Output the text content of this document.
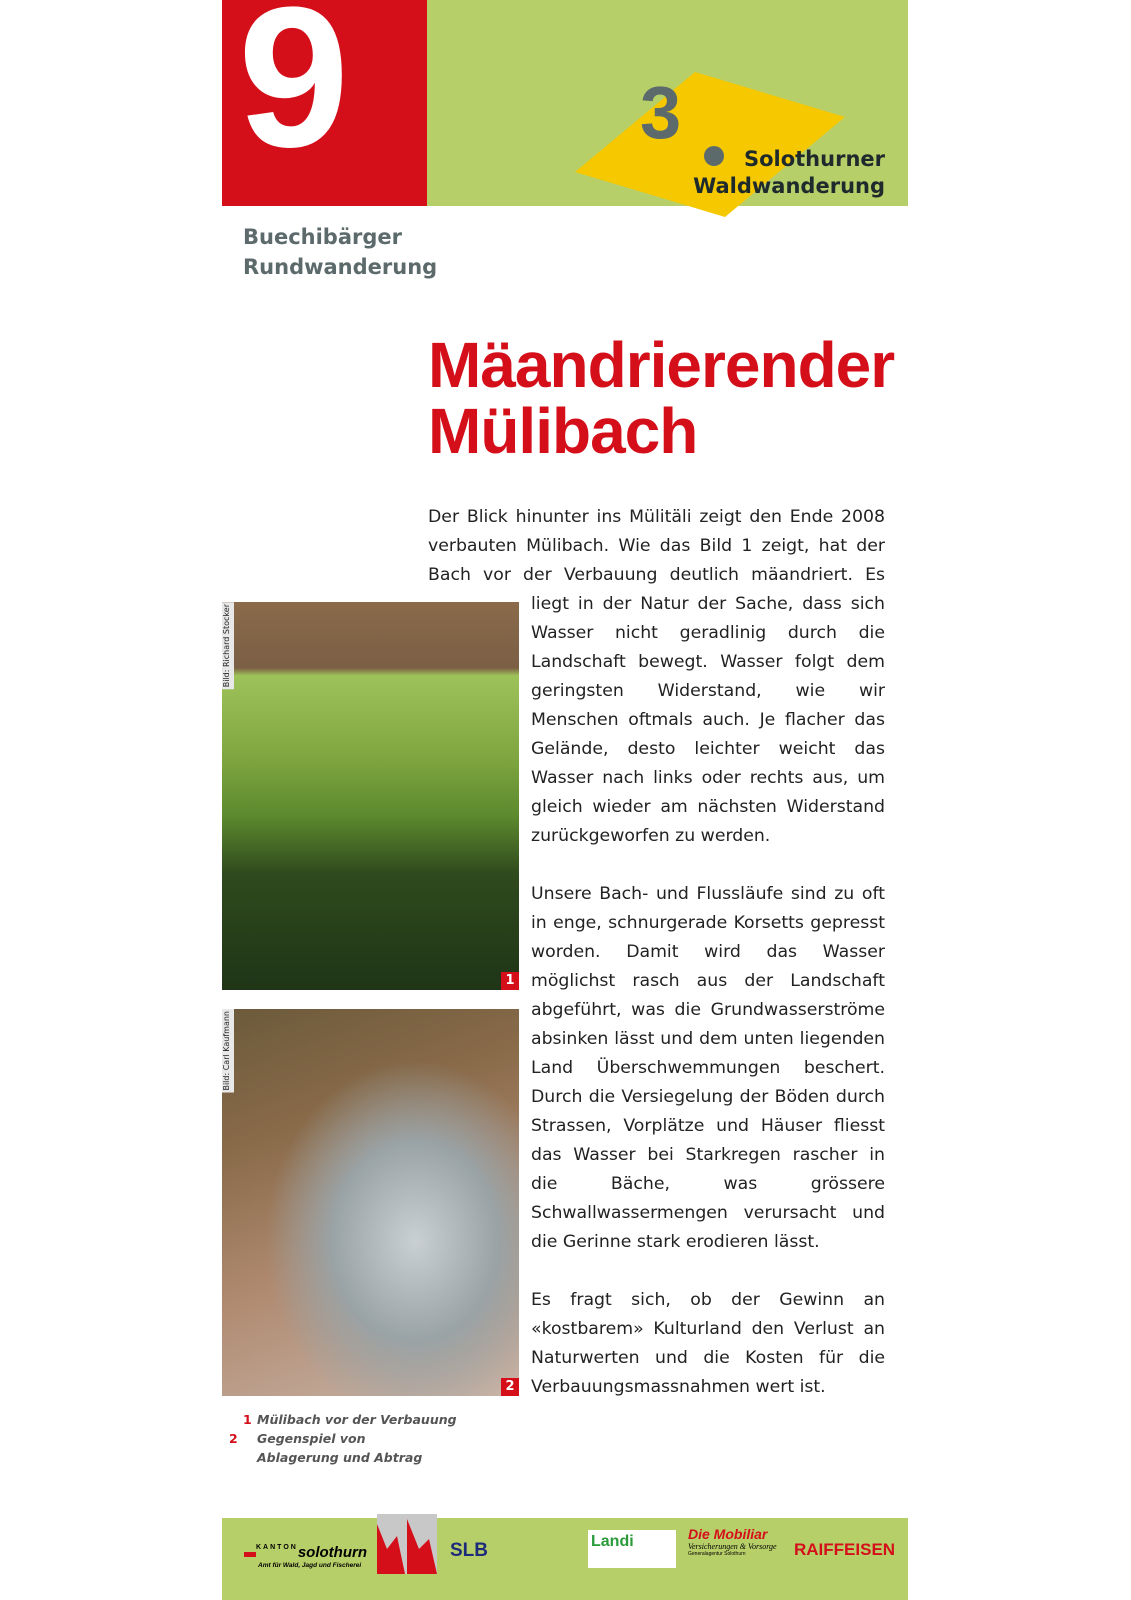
9	3
Solothurner
Waldwanderung
Buechibärger
Rundwanderung
Mäandrierender
Mülibach

Der Blick hinunter ins Mülitäli zeigt den Ende 2008 verbauten Mülibach. Wie das Bild 1 zeigt, hat der Bach vor der Verbauung deutlich mäandriert. Es liegt in der Natur der Sache, dass sich Wasser nicht geradlinig durch die Landschaft bewegt. Wasser folgt dem geringsten Widerstand, wie wir Menschen oftmals auch. Je flacher das Gelände, desto leichter weicht das Wasser nach links oder rechts aus, um gleich wieder am nächsten Widerstand zurückgeworfen zu werden.

Unsere Bach- und Flussläufe sind zu oft in enge, schnurgerade Korsetts gepresst worden. Damit wird das Wasser möglichst rasch aus der Landschaft abgeführt, was die Grundwasserströme absinken lässt und dem unten liegenden Land Überschwemmungen beschert. Durch die Versiegelung der Böden durch Strassen, Vorplätze und Häuser fliesst das Wasser bei Starkregen rascher in die Bäche, was grössere Schwallwassermengen verursacht und die Gerinne stark erodieren lässt.

Es fragt sich, ob der Gewinn an «kostbarem» Kulturland den Verlust an Naturwerten und die Kosten für die Verbauungsmassnahmen wert ist.

Bild: Richard Stocker
1
Bild: Carl Kaufmann
2
1 Mülibach vor der Verbauung
2 Gegenspiel von Ablagerung und Abtrag
$^{KANTON}$solothurn
Amt für Wald, Jagd und Fischerei
SLB	Landi	Die Mobiliar
Versicherungen & Vorsorge
Generalagentur Solothurn	RAIFFEISEN
